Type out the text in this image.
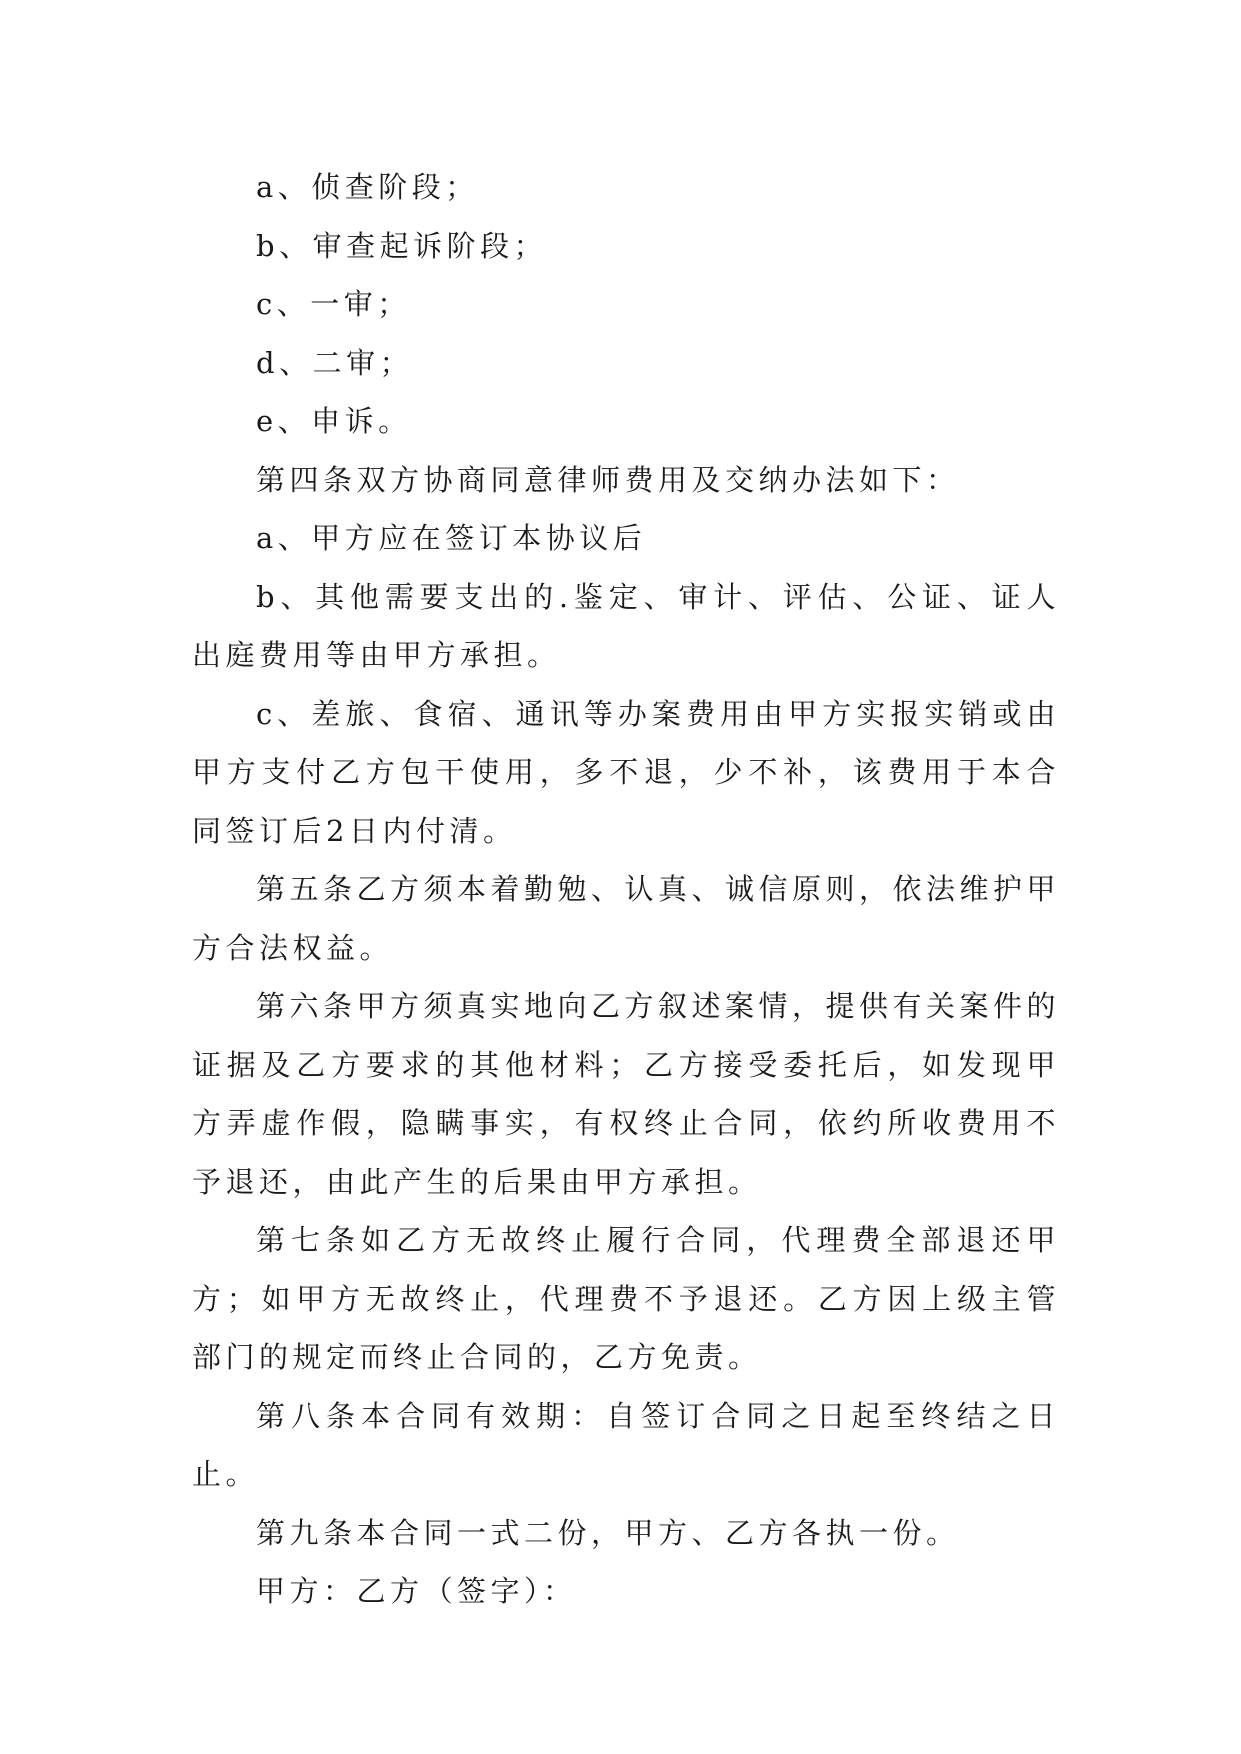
a、侦查阶段；

b、审查起诉阶段；

c、一审；

d、二审；

e、申诉。

第四条双方协商同意律师费用及交纳办法如下：

a、甲方应在签订本协议后

b、其他需要支出的.鉴定、审计、评估、公证、证人出庭费用等由甲方承担。

c、差旅、食宿、通讯等办案费用由甲方实报实销或由甲方支付乙方包干使用，多不退，少不补，该费用于本合同签订后2日内付清。

第五条乙方须本着勤勉、认真、诚信原则，依法维护甲方合法权益。

第六条甲方须真实地向乙方叙述案情，提供有关案件的证据及乙方要求的其他材料；乙方接受委托后，如发现甲方弄虚作假，隐瞒事实，有权终止合同，依约所收费用不予退还，由此产生的后果由甲方承担。

第七条如乙方无故终止履行合同，代理费全部退还甲方；如甲方无故终止，代理费不予退还。乙方因上级主管部门的规定而终止合同的，乙方免责。

第八条本合同有效期：自签订合同之日起至终结之日止。

第九条本合同一式二份，甲方、乙方各执一份。

甲方：乙方（签字）：
